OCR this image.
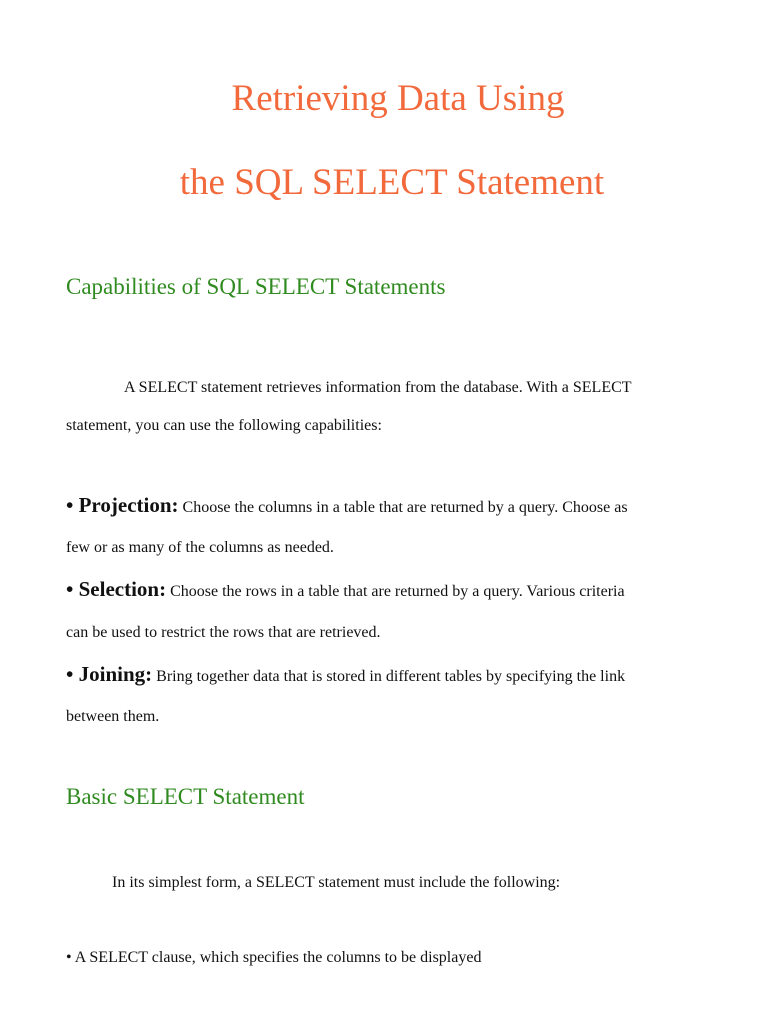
Retrieving Data Using
the SQL SELECT Statement
Capabilities of SQL SELECT Statements
A SELECT statement retrieves information from the database. With a SELECT
statement, you can use the following capabilities:
• Projection: Choose the columns in a table that are returned by a query. Choose as
few or as many of the columns as needed.
• Selection: Choose the rows in a table that are returned by a query. Various criteria
can be used to restrict the rows that are retrieved.
• Joining: Bring together data that is stored in different tables by specifying the link
between them.
Basic SELECT Statement
In its simplest form, a SELECT statement must include the following:
• A SELECT clause, which specifies the columns to be displayed
